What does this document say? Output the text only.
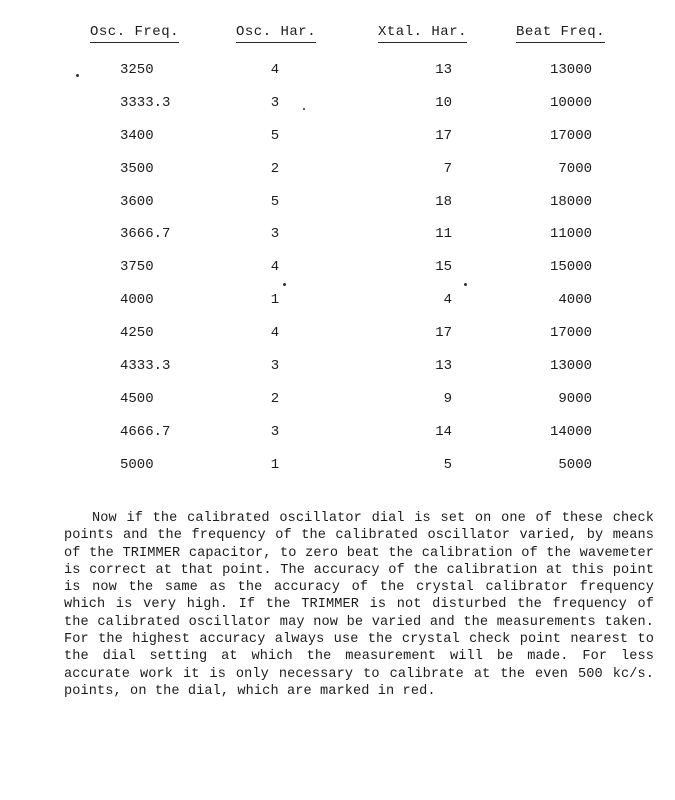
Osc. Freq.	Osc. Har.	Xtal. Har.	Beat Freq.
3250	4	13	13000
3333.3	3	10	10000
3400	5	17	17000
3500	2	7	7000
3600	5	18	18000
3666.7	3	11	11000
3750	4	15	15000
4000	1	4	4000
4250	4	17	17000
4333.3	3	13	13000
4500	2	9	9000
4666.7	3	14	14000
5000	1	5	5000

Now if the calibrated oscillator dial is set on one of these check points and the frequency of the calibrated oscillator varied, by means of the TRIMMER capacitor, to zero beat the calibration of the wavemeter is correct at that point. The accuracy of the calibration at this point is now the same as the accuracy of the crystal calibrator frequency which is very high. If the TRIMMER is not disturbed the frequency of the calibrated oscillator may now be varied and the measurements taken. For the highest accuracy always use the crystal check point nearest to the dial setting at which the measurement will be made. For less accurate work it is only necessary to calibrate at the even 500 kc/s. points, on the dial, which are marked in red.
